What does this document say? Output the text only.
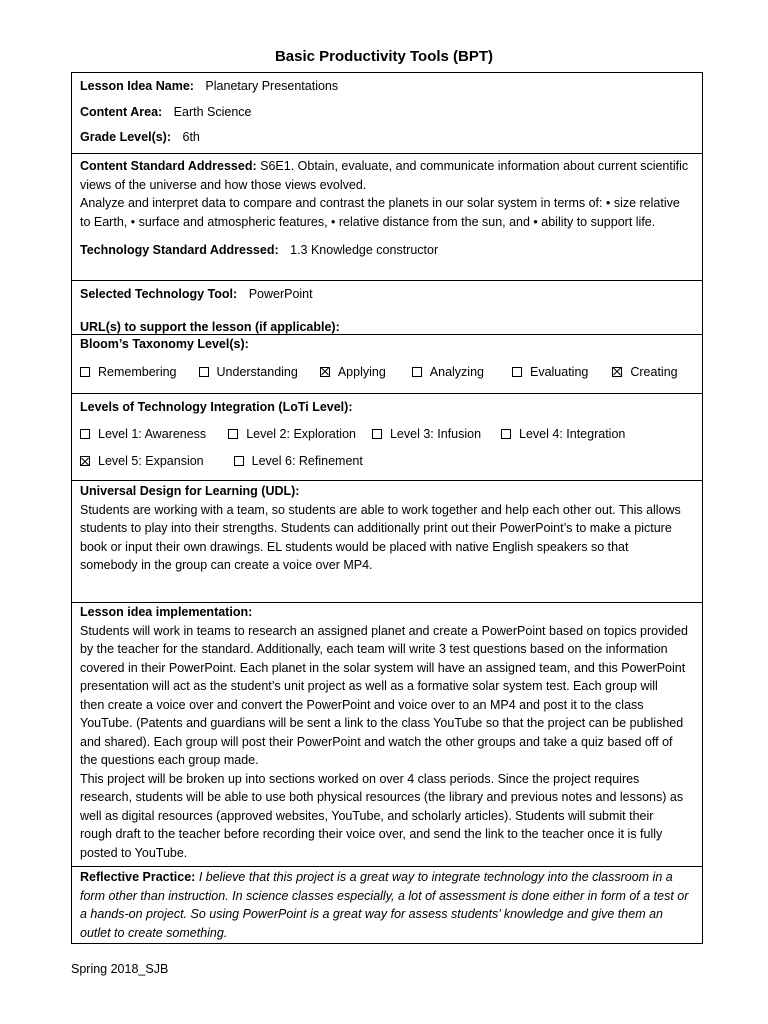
Basic Productivity Tools (BPT)
Lesson Idea Name: Planetary Presentations
Content Area: Earth Science
Grade Level(s): 6th
Content Standard Addressed: S6E1. Obtain, evaluate, and communicate information about current scientific
views of the universe and how those views evolved.
Analyze and interpret data to compare and contrast the planets in our solar system in terms of: • size relative
to Earth, • surface and atmospheric features, • relative distance from the sun, and • ability to support life.
Technology Standard Addressed: 1.3 Knowledge constructor
Selected Technology Tool: PowerPoint
URL(s) to support the lesson (if applicable):
Bloom’s Taxonomy Level(s):
Remembering	Understanding	Applying	Analyzing	Evaluating	Creating
Levels of Technology Integration (LoTi Level):
Level 1: Awareness	Level 2: Exploration	Level 3: Infusion	Level 4: Integration
Level 5: Expansion	Level 6: Refinement
Universal Design for Learning (UDL):
Students are working with a team, so students are able to work together and help each other out. This allows
students to play into their strengths. Students can additionally print out their PowerPoint’s to make a picture
book or input their own drawings. EL students would be placed with native English speakers so that
somebody in the group can create a voice over MP4.
Lesson idea implementation:
Students will work in teams to research an assigned planet and create a PowerPoint based on topics provided
by the teacher for the standard. Additionally, each team will write 3 test questions based on the information
covered in their PowerPoint. Each planet in the solar system will have an assigned team, and this PowerPoint
presentation will act as the student’s unit project as well as a formative solar system test. Each group will
then create a voice over and convert the PowerPoint and voice over to an MP4 and post it to the class
YouTube. (Patents and guardians will be sent a link to the class YouTube so that the project can be published
and shared). Each group will post their PowerPoint and watch the other groups and take a quiz based off of
the questions each group made.
This project will be broken up into sections worked on over 4 class periods. Since the project requires
research, students will be able to use both physical resources (the library and previous notes and lessons) as
well as digital resources (approved websites, YouTube, and scholarly articles). Students will submit their
rough draft to the teacher before recording their voice over, and send the link to the teacher once it is fully
posted to YouTube.
Reflective Practice: I believe that this project is a great way to integrate technology into the classroom in a
form other than instruction. In science classes especially, a lot of assessment is done either in form of a test or
a hands-on project. So using PowerPoint is a great way for assess students’ knowledge and give them an
outlet to create something.
Spring 2018_SJB
